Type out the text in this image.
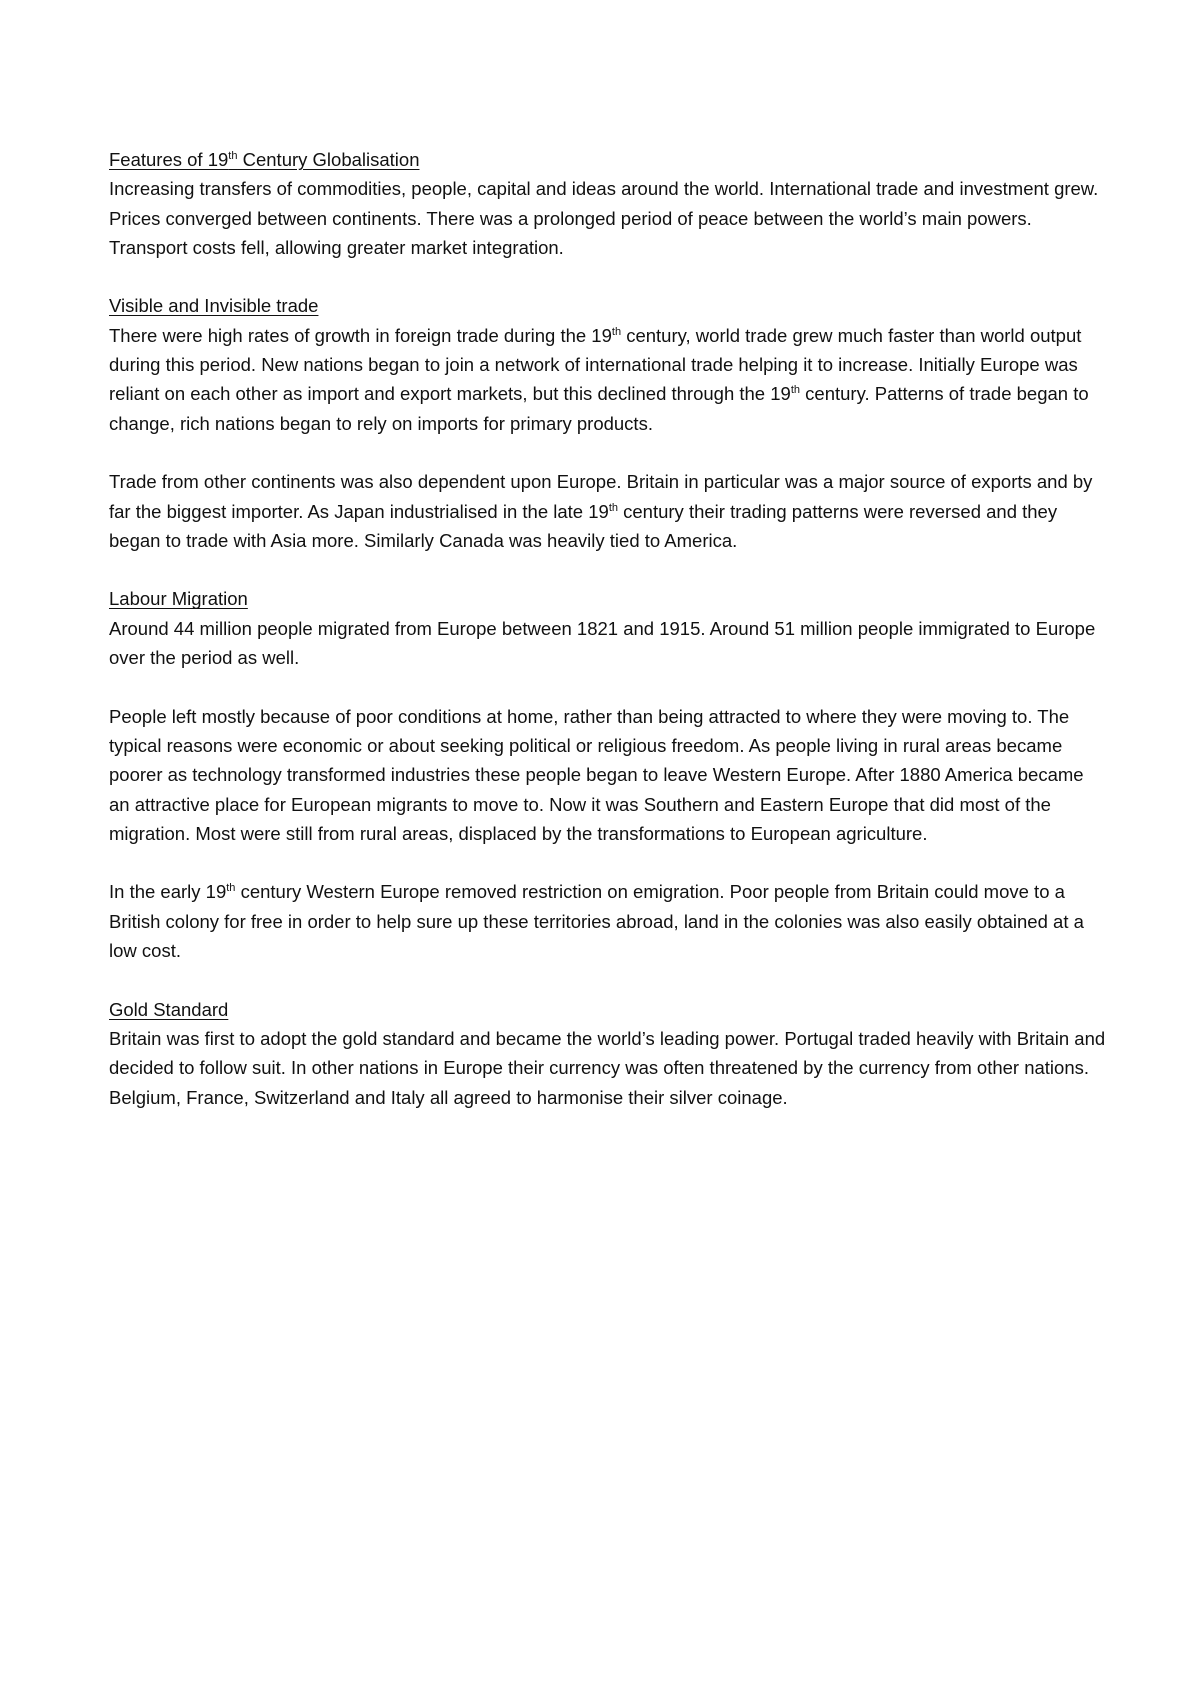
Features of 19th Century Globalisation

Increasing transfers of commodities, people, capital and ideas around the world. International trade and investment grew. Prices converged between continents. There was a prolonged period of peace between the world’s main powers. Transport costs fell, allowing greater market integration.

Visible and Invisible trade

There were high rates of growth in foreign trade during the 19th century, world trade grew much faster than world output during this period. New nations began to join a network of international trade helping it to increase. Initially Europe was reliant on each other as import and export markets, but this declined through the 19th century. Patterns of trade began to change, rich nations began to rely on imports for primary products.

Trade from other continents was also dependent upon Europe. Britain in particular was a major source of exports and by far the biggest importer. As Japan industrialised in the late 19th century their trading patterns were reversed and they began to trade with Asia more. Similarly Canada was heavily tied to America.

Labour Migration

Around 44 million people migrated from Europe between 1821 and 1915. Around 51 million people immigrated to Europe over the period as well.

People left mostly because of poor conditions at home, rather than being attracted to where they were moving to. The typical reasons were economic or about seeking political or religious freedom. As people living in rural areas became poorer as technology transformed industries these people began to leave Western Europe. After 1880 America became an attractive place for European migrants to move to. Now it was Southern and Eastern Europe that did most of the migration. Most were still from rural areas, displaced by the transformations to European agriculture.

In the early 19th century Western Europe removed restriction on emigration. Poor people from Britain could move to a British colony for free in order to help sure up these territories abroad, land in the colonies was also easily obtained at a low cost.

Gold Standard

Britain was first to adopt the gold standard and became the world’s leading power. Portugal traded heavily with Britain and decided to follow suit. In other nations in Europe their currency was often threatened by the currency from other nations. Belgium, France, Switzerland and Italy all agreed to harmonise their silver coinage.
